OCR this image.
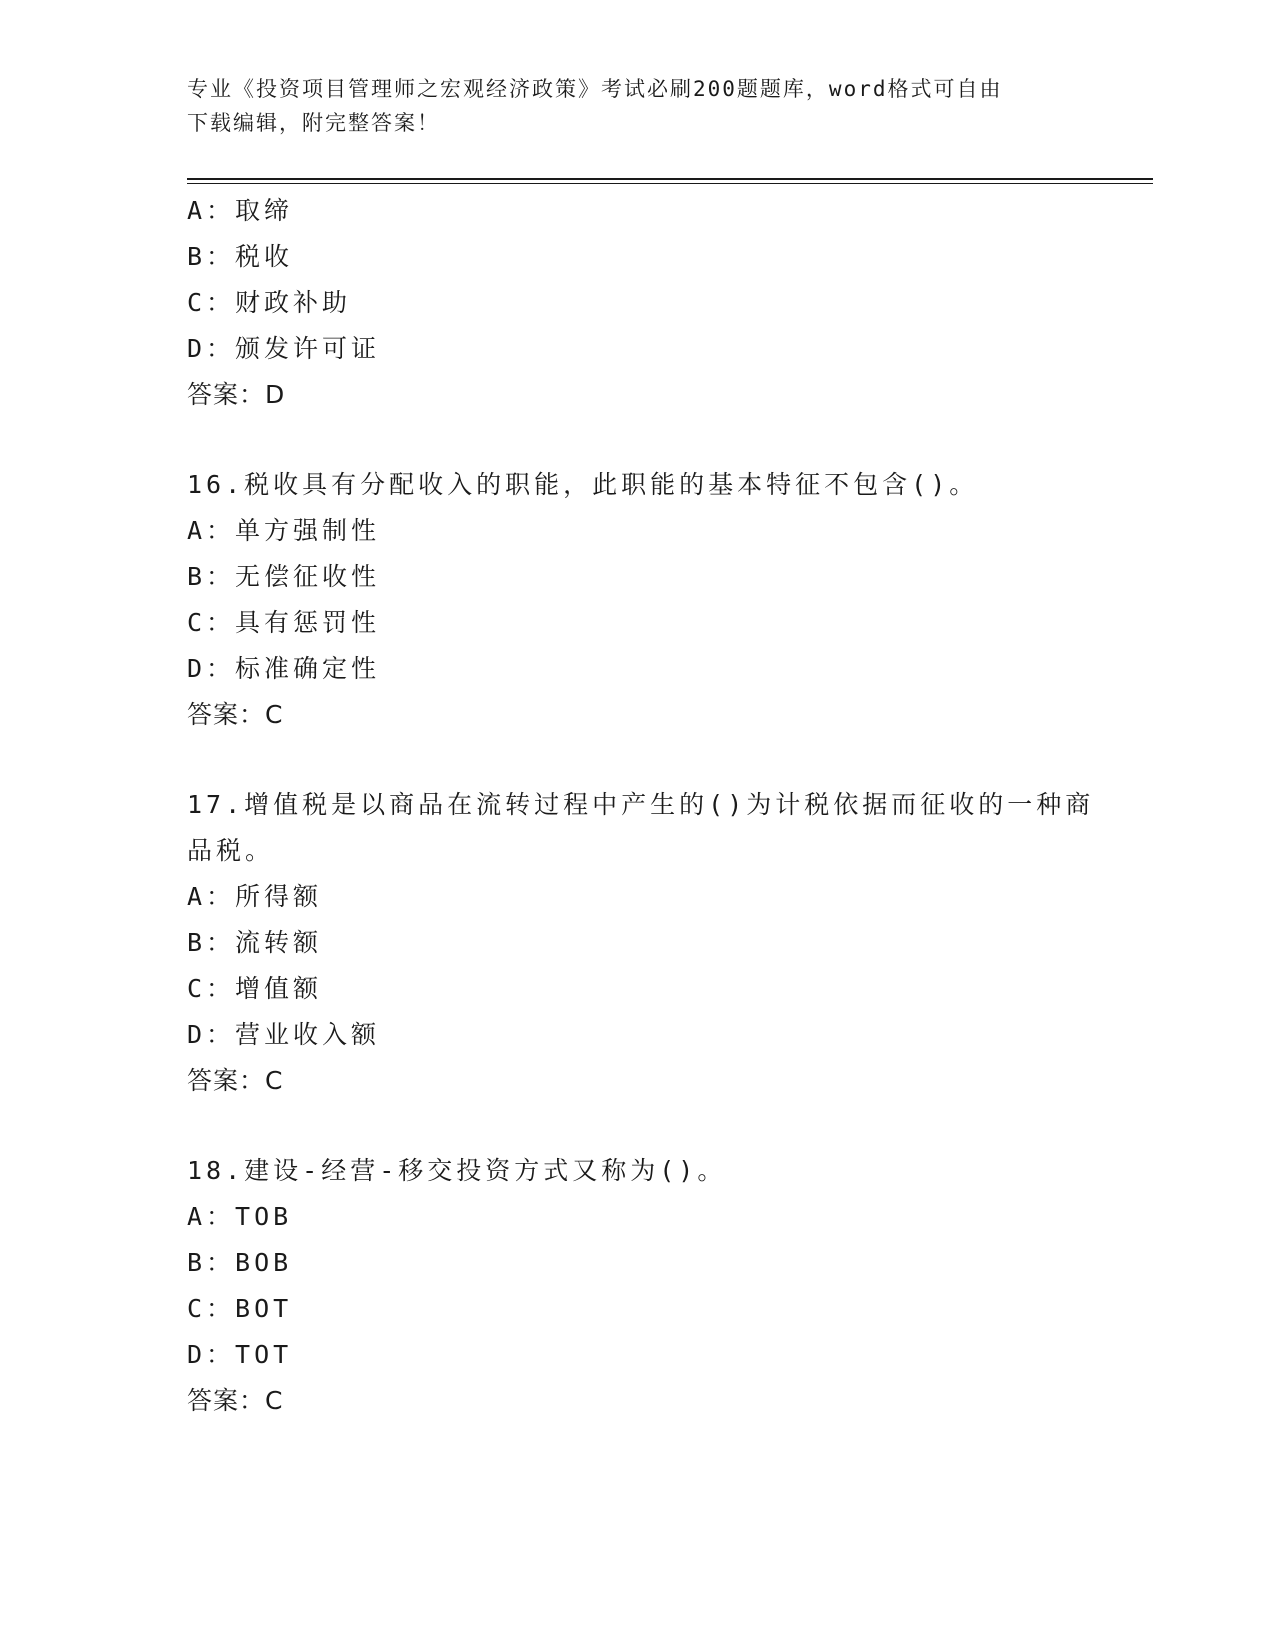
专业《投资项目管理师之宏观经济政策》考试必刷200题题库，word格式可自由
下载编辑，附完整答案！
A：取缔
B：税收
C：财政补助
D：颁发许可证
答案：D
16.税收具有分配收入的职能，此职能的基本特征不包含()。
A：单方强制性
B：无偿征收性
C：具有惩罚性
D：标准确定性
答案：C
17.增值税是以商品在流转过程中产生的()为计税依据而征收的一种商
品税。
A：所得额
B：流转额
C：增值额
D：营业收入额
答案：C
18.建设-经营-移交投资方式又称为()。
A：TOB
B：BOB
C：BOT
D：TOT
答案：C
